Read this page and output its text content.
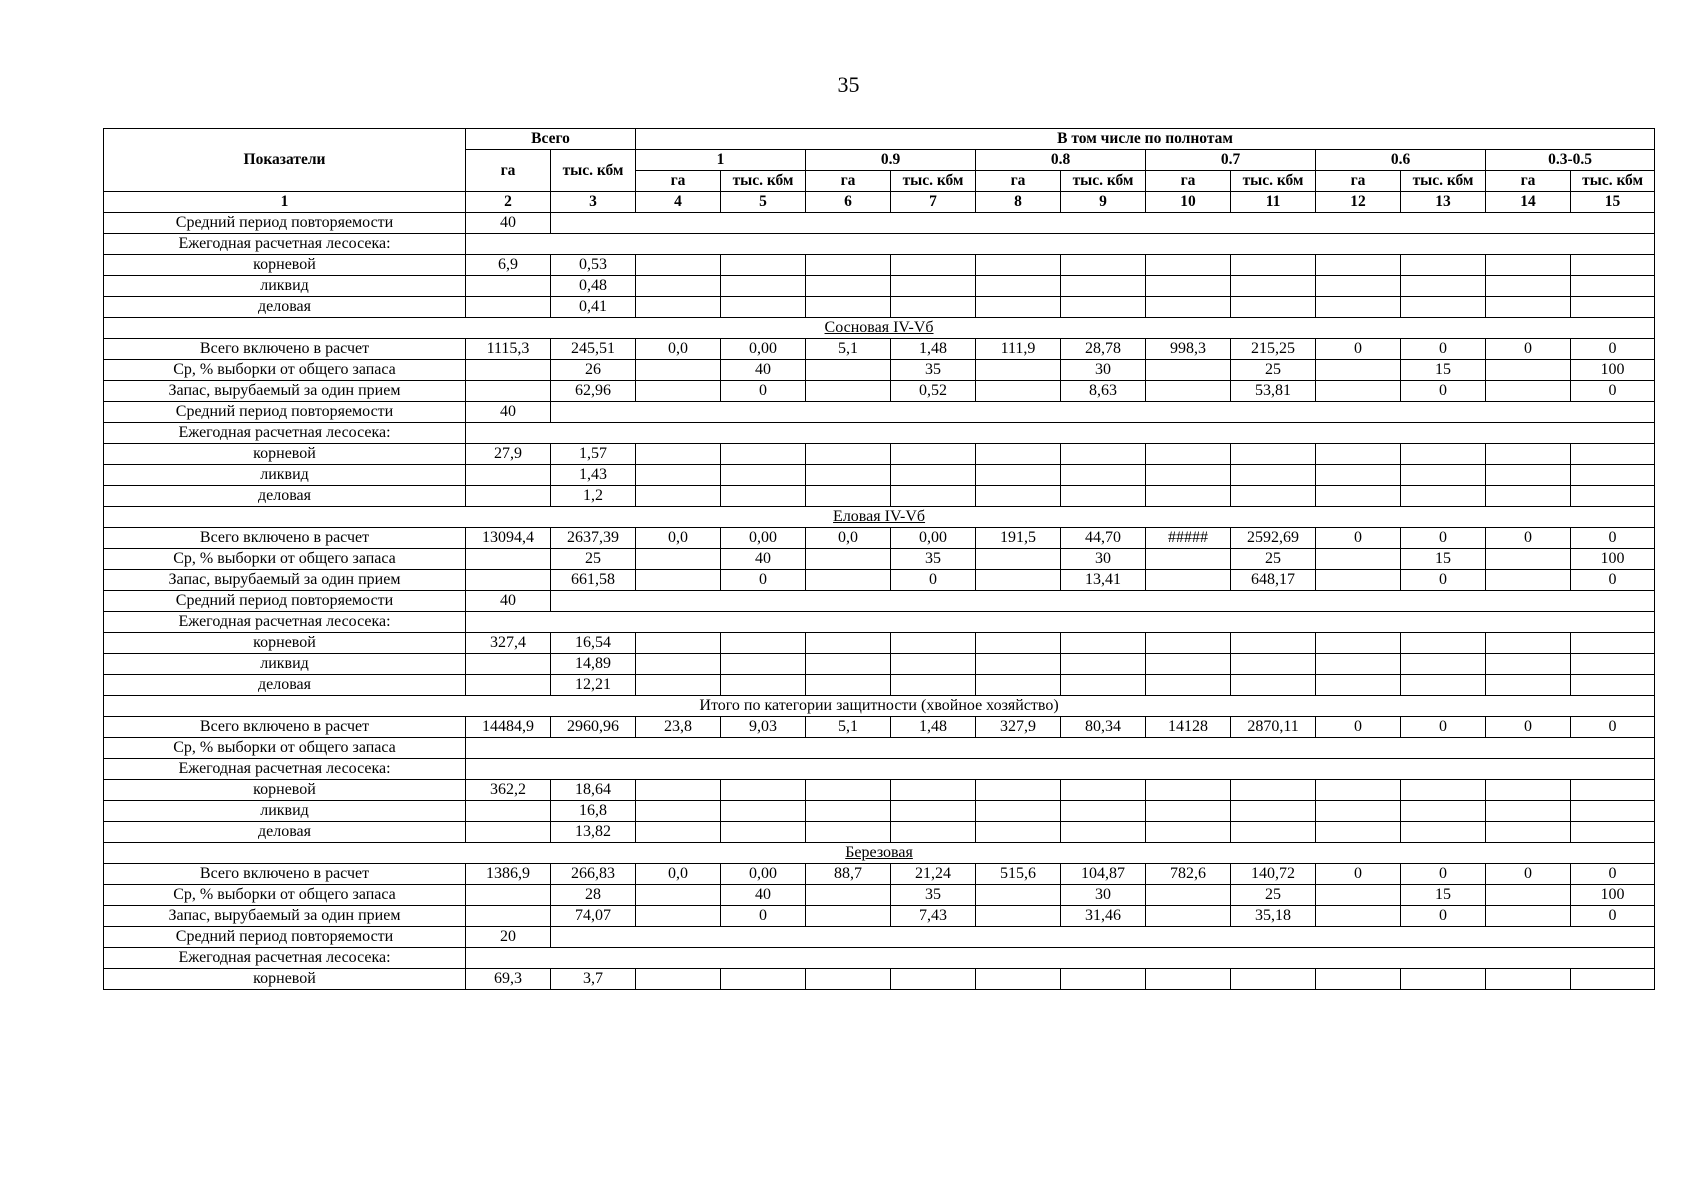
35
Показатели	Всего		В том числе по полнотам											
	га	тыс. кбм	1		0.9		0.8		0.7		0.6		0.3-0.5	
			га	тыс. кбм	га	тыс. кбм	га	тыс. кбм	га	тыс. кбм	га	тыс. кбм	га	тыс. кбм
1	2	3	4	5	6	7	8	9	10	11	12	13	14	15
Средний период повторяемости	40													
Ежегодная расчетная лесосека:														
корневой	6,9	0,53												
ликвид		0,48												
деловая		0,41												
Сосновая IV-Vб														
Всего включено в расчет	1115,3	245,51	0,0	0,00	5,1	1,48	111,9	28,78	998,3	215,25	0	0	0	0
Ср, % выборки от общего запаса		26		40		35		30		25		15		100
Запас, вырубаемый за один прием		62,96		0		0,52		8,63		53,81		0		0
Средний период повторяемости	40													
Ежегодная расчетная лесосека:														
корневой	27,9	1,57												
ликвид		1,43												
деловая		1,2												
Еловая IV-Vб														
Всего включено в расчет	13094,4	2637,39	0,0	0,00	0,0	0,00	191,5	44,70	#####	2592,69	0	0	0	0
Ср, % выборки от общего запаса		25		40		35		30		25		15		100
Запас, вырубаемый за один прием		661,58		0		0		13,41		648,17		0		0
Средний период повторяемости	40													
Ежегодная расчетная лесосека:														
корневой	327,4	16,54												
ликвид		14,89												
деловая		12,21												
Итого по категории защитности (хвойное хозяйство)														
Всего включено в расчет	14484,9	2960,96	23,8	9,03	5,1	1,48	327,9	80,34	14128	2870,11	0	0	0	0
Ср, % выборки от общего запаса														
Ежегодная расчетная лесосека:														
корневой	362,2	18,64												
ликвид		16,8												
деловая		13,82												
Березовая														
Всего включено в расчет	1386,9	266,83	0,0	0,00	88,7	21,24	515,6	104,87	782,6	140,72	0	0	0	0
Ср, % выборки от общего запаса		28		40		35		30		25		15		100
Запас, вырубаемый за один прием		74,07		0		7,43		31,46		35,18		0		0
Средний период повторяемости	20													
Ежегодная расчетная лесосека:														
корневой	69,3	3,7												
